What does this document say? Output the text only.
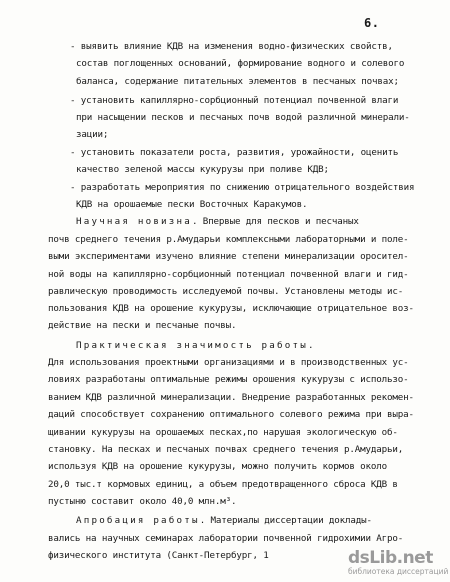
6.
- выявить влияние КДВ на изменения водно-физических свойств,
состав поглощенных оснований, формирование водного и солевого
баланса, содержание питательных элементов в песчаных почвах;
- установить капиллярно-сорбционный потенциал почвенной влаги
при насыщении песков и песчаных почв водой различной минерали-
зации;
- установить показатели роста, развития, урожайности, оценить
качество зеленой массы кукурузы при поливе КДВ;
- разработать мероприятия по снижению отрицательного воздействия
КДВ на орошаемые пески Восточных Каракумов.
Научная новизна. Впервые для песков и песчаных
почв среднего течения р.Амударьи комплексными лабораторными и поле-
выми экспериментами изучено влияние степени минерализации оросител-
ной воды на капиллярно-сорбционный потенциал почвенной влаги и гид-
равлическую проводимость исследуемой почвы. Установлены методы ис-
пользования КДВ на орошение кукурузы, исключающие отрицательное воз-
действие на пески и песчаные почвы.
Практическая значимость работы.
Для использования проектными организациями и в производственных ус-
ловиях разработаны оптимальные режимы орошения кукурузы с использо-
ванием КДВ различной минерализации. Внедрение разработанных рекомен-
даций способствует сохранению оптимального солевого режима при выра-
щивании кукурузы на орошаемых песках,по нарушая экологическую об-
становку. На песках и песчаных почвах среднего течения р.Амударьи,
используя КДВ на орошение кукурузы, можно получить кормов около
20,0 тыс.т кормовых единиц, а объем предотвращенного сброса КДВ в
пустыню составит около 40,0 млн.м³.
Апробация работы. Материалы диссертации доклады-
вались на научных семинарах лаборатории почвенной гидрохимии Агро-
физического института (Санкт-Петербург, 1	dsLib.net
библиотека диссертаций
